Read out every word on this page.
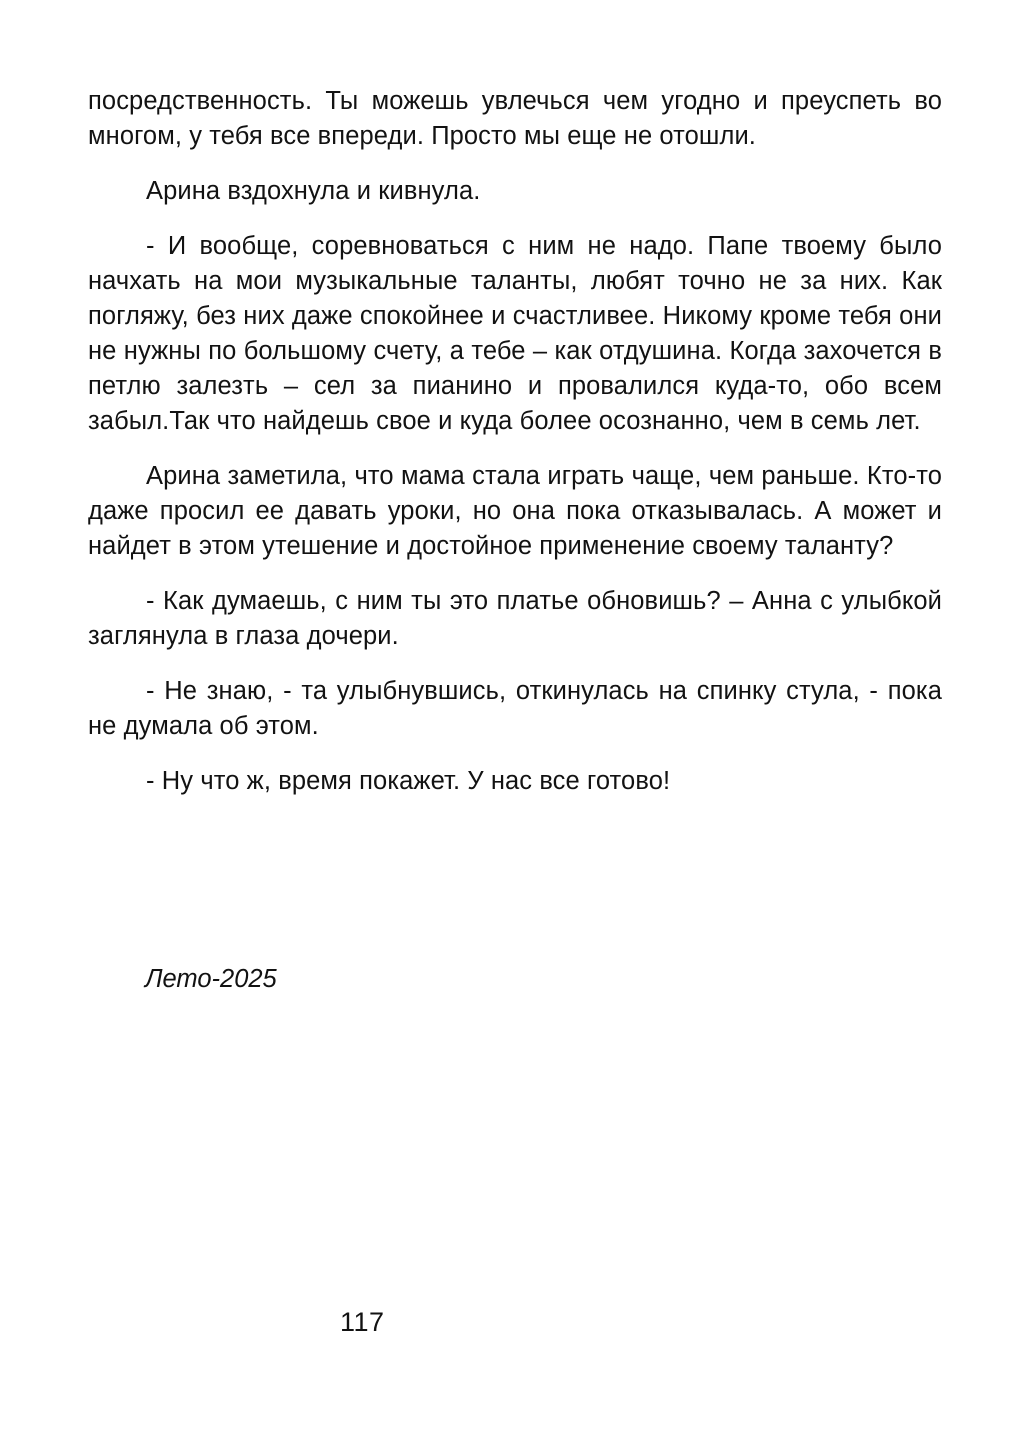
посредственность. Ты можешь увлечься чем угодно и преуспеть во многом, у тебя все впереди. Просто мы еще не отошли.

Арина вздохнула и кивнула.

- И вообще, соревноваться с ним не надо. Папе твоему было начхать на мои музыкальные таланты, любят точно не за них. Как погляжу, без них даже спокойнее и счастливее. Никому кроме тебя они не нужны по большому счету, а тебе – как отдушина. Когда захочется в петлю залезть – сел за пианино и провалился куда-то, обо всем забыл.Так что найдешь свое и куда более осознанно, чем в семь лет.

Арина заметила, что мама стала играть чаще, чем раньше. Кто-то даже просил ее давать уроки, но она пока отказывалась. А может и найдет в этом утешение и достойное применение своему таланту?

- Как думаешь, с ним ты это платье обновишь? – Анна с улыбкой заглянула в глаза дочери.

- Не знаю, - та улыбнувшись, откинулась на спинку стула, - пока не думала об этом.

- Ну что ж, время покажет. У нас все готово!

Лето-2025
117
